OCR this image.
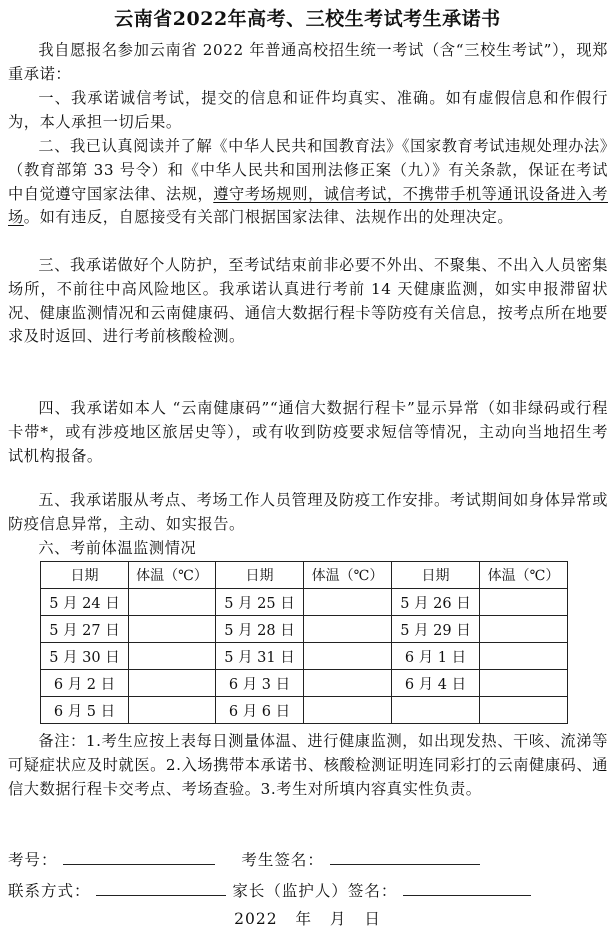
云南省2022年高考、三校生考试考生承诺书

我自愿报名参加云南省 2022 年普通高校招生统一考试（含“三校生考试”），现郑重承诺：

一、我承诺诚信考试，提交的信息和证件均真实、准确。如有虚假信息和作假行为，本人承担一切后果。

二、我已认真阅读并了解《中华人民共和国教育法》《国家教育考试违规处理办法》（教育部第 33 号令）和《中华人民共和国刑法修正案（九）》有关条款，保证在考试中自觉遵守国家法律、法规，遵守考场规则，诚信考试，不携带手机等通讯设备进入考场。如有违反，自愿接受有关部门根据国家法律、法规作出的处理决定。

三、我承诺做好个人防护，至考试结束前非必要不外出、不聚集、不出入人员密集场所，不前往中高风险地区。我承诺认真进行考前 14 天健康监测，如实申报滞留状况、健康监测情况和云南健康码、通信大数据行程卡等防疫有关信息，按考点所在地要求及时返回、进行考前核酸检测。

四、我承诺如本人 “云南健康码”“通信大数据行程卡”显示异常（如非绿码或行程卡带*，或有涉疫地区旅居史等），或有收到防疫要求短信等情况，主动向当地招生考试机构报备。

五、我承诺服从考点、考场工作人员管理及防疫工作安排。考试期间如身体异常或防疫信息异常，主动、如实报告。

六、考前体温监测情况
日期	体温（℃）	日期	体温（℃）	日期	体温（℃）
5 月 24 日		5 月 25 日		5 月 26 日	
5 月 27 日		5 月 28 日		5 月 29 日	
5 月 30 日		5 月 31 日		6 月 1 日	
6 月 2 日		6 月 3 日		6 月 4 日	
6 月 5 日		6 月 6 日			

备注：1.考生应按上表每日测量体温、进行健康监测，如出现发热、干咳、流涕等可疑症状应及时就医。2.入场携带本承诺书、核酸检测证明连同彩打的云南健康码、通信大数据行程卡交考点、考场查验。3.考生对所填内容真实性负责。

考号：	考生签名：
联系方式：	家长（监护人）签名：
2022 年 月 日
